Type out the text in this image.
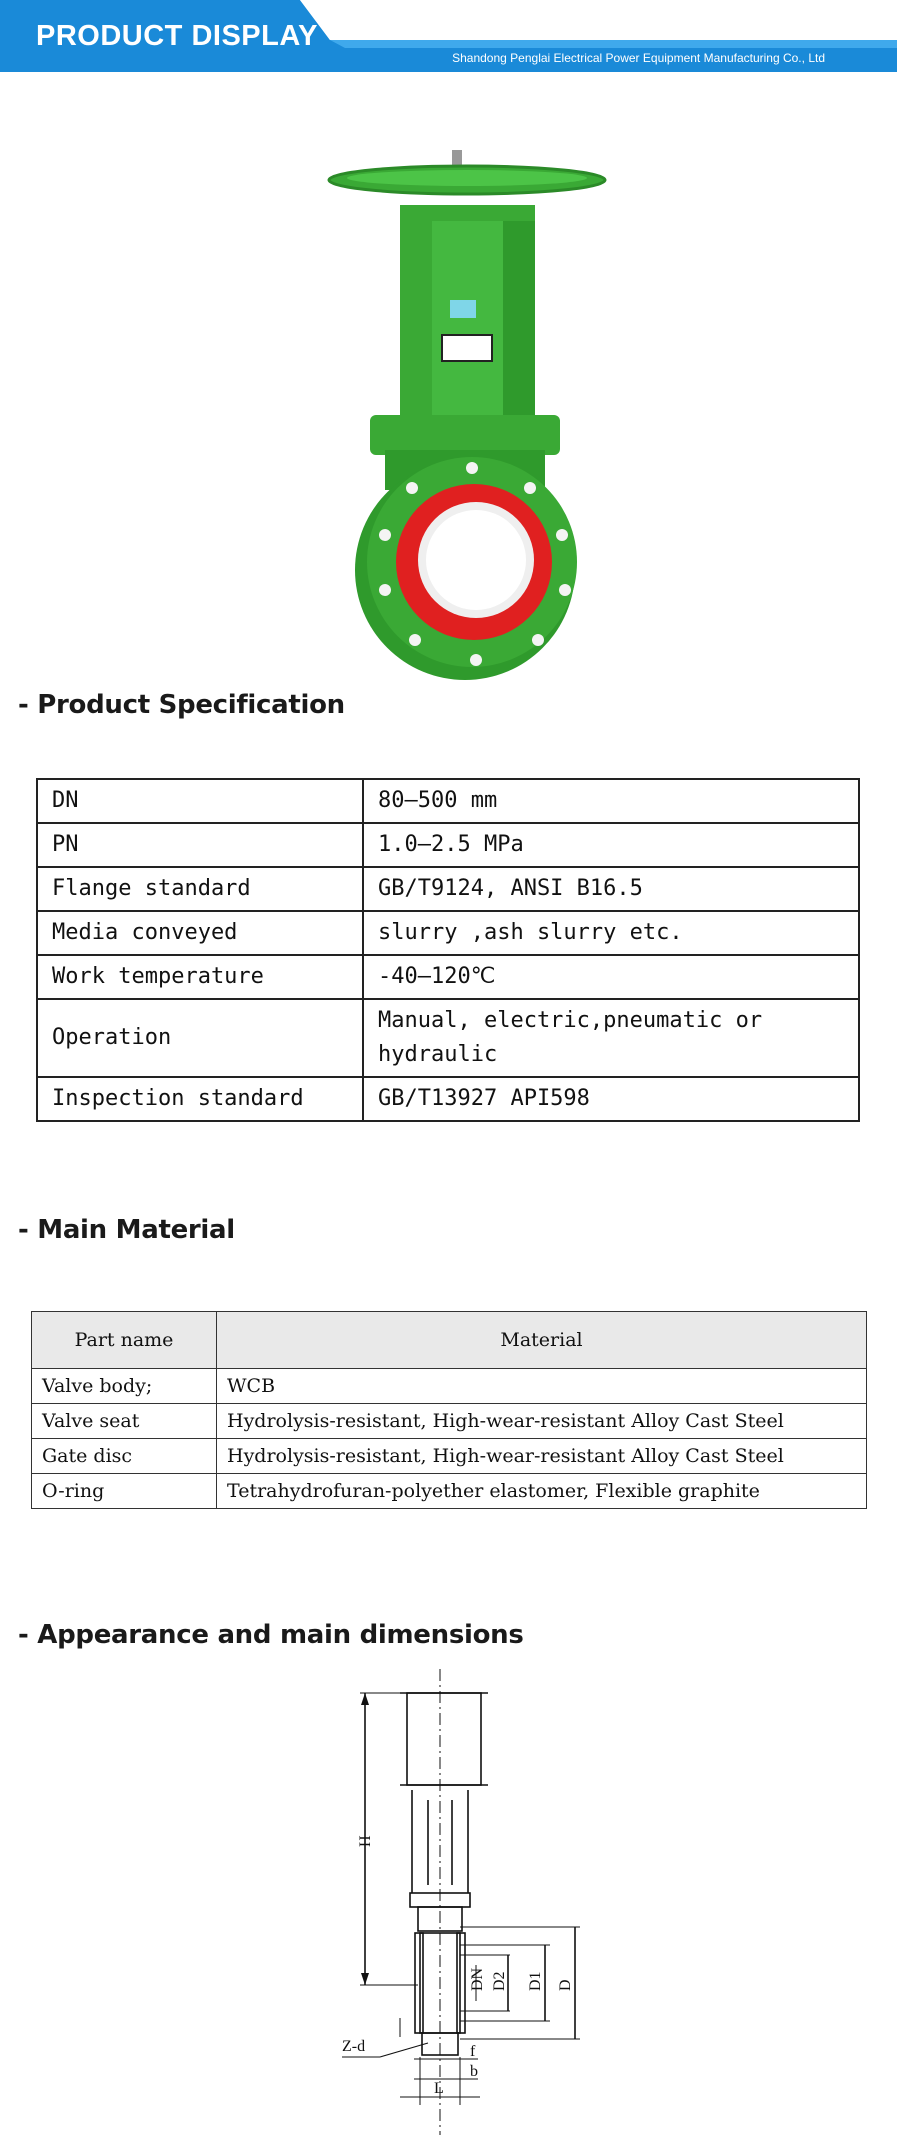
PRODUCT DISPLAY
Shandong Penglai Electrical Power Equipment Manufacturing Co., Ltd
- Product Specification
DN	80—500 mm
PN	1.0—2.5 MPa
Flange standard	GB/T9124, ANSI B16.5
Media conveyed	slurry ,ash slurry etc.
Work temperature	-40—120℃
Operation	Manual, electric,pneumatic or hydraulic
Inspection standard	GB/T13927 API598
- Main Material
Part name	Material
Valve body;	WCB
Valve seat	Hydrolysis-resistant, High-wear-resistant Alloy Cast Steel
Gate disc	Hydrolysis-resistant, High-wear-resistant Alloy Cast Steel
O-ring	Tetrahydrofuran-polyether elastomer, Flexible graphite
- Appearance and main dimensions
H
DN D2 D1 D
Z-d	f
b
L
